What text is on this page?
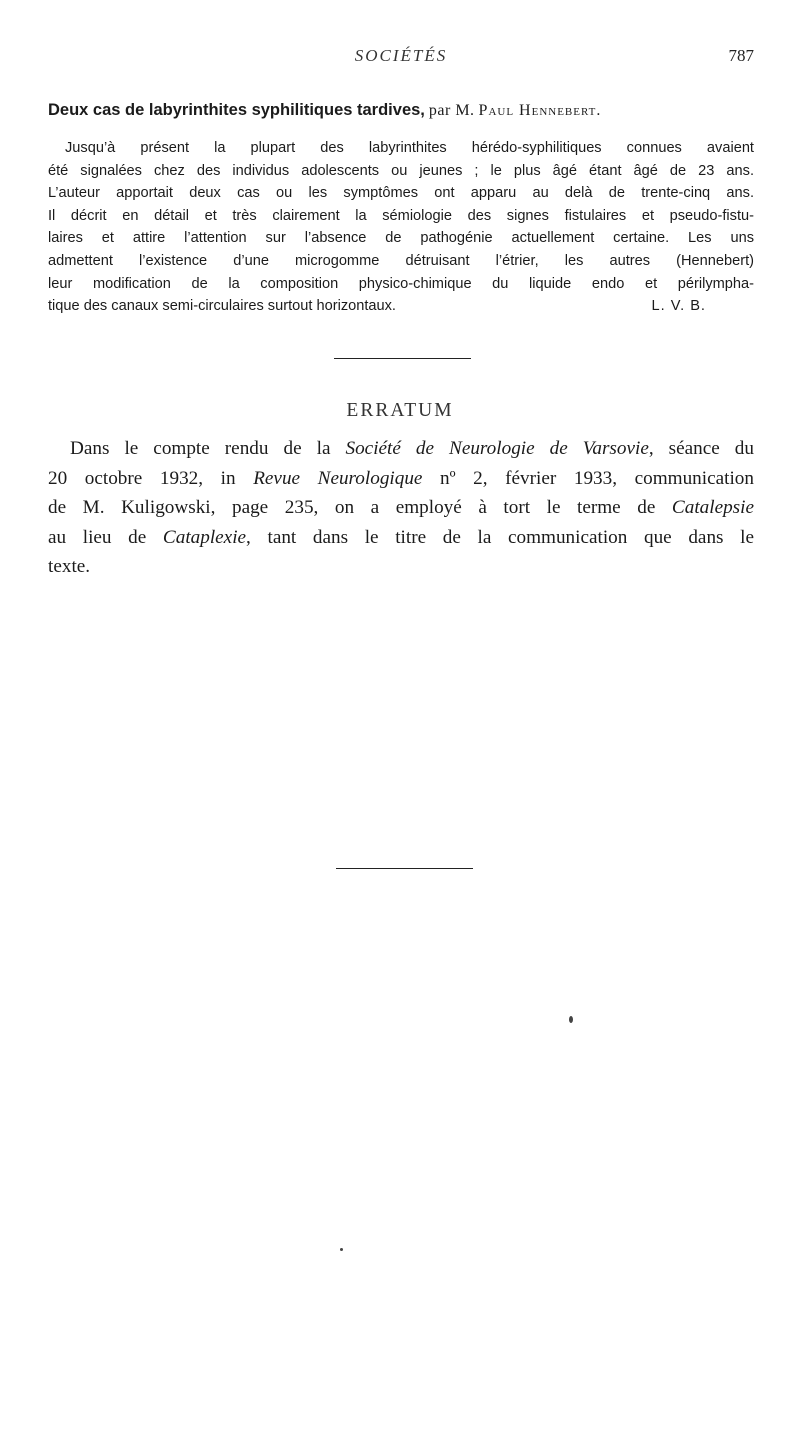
SOCIÉTÉS	787

Deux cas de labyrinthites syphilitiques tardives, par M. Paul Hennebert.

Jusqu’à présent la plupart des labyrinthites hérédo-syphilitiques connues avaient
été signalées chez des individus adolescents ou jeunes ; le plus âgé étant âgé de 23 ans.
L’auteur apportait deux cas ou les symptômes ont apparu au delà de trente-cinq ans.
Il décrit en détail et très clairement la sémiologie des signes fistulaires et pseudo-fistu-
laires et attire l’attention sur l’absence de pathogénie actuellement certaine. Les uns
admettent l’existence d’une microgomme détruisant l’étrier, les autres (Hennebert)
leur modification de la composition physico-chimique du liquide endo et périlympha-
tique des canaux semi-circulaires surtout horizontaux.	L. V. B.
ERRATUM
Dans le compte rendu de la Société de Neurologie de Varsovie, séance du
20 octobre 1932, in Revue Neurologique nº 2, février 1933, communication
de M. Kuligowski, page 235, on a employé à tort le terme de Catalepsie
au lieu de Cataplexie, tant dans le titre de la communication que dans le
texte.
